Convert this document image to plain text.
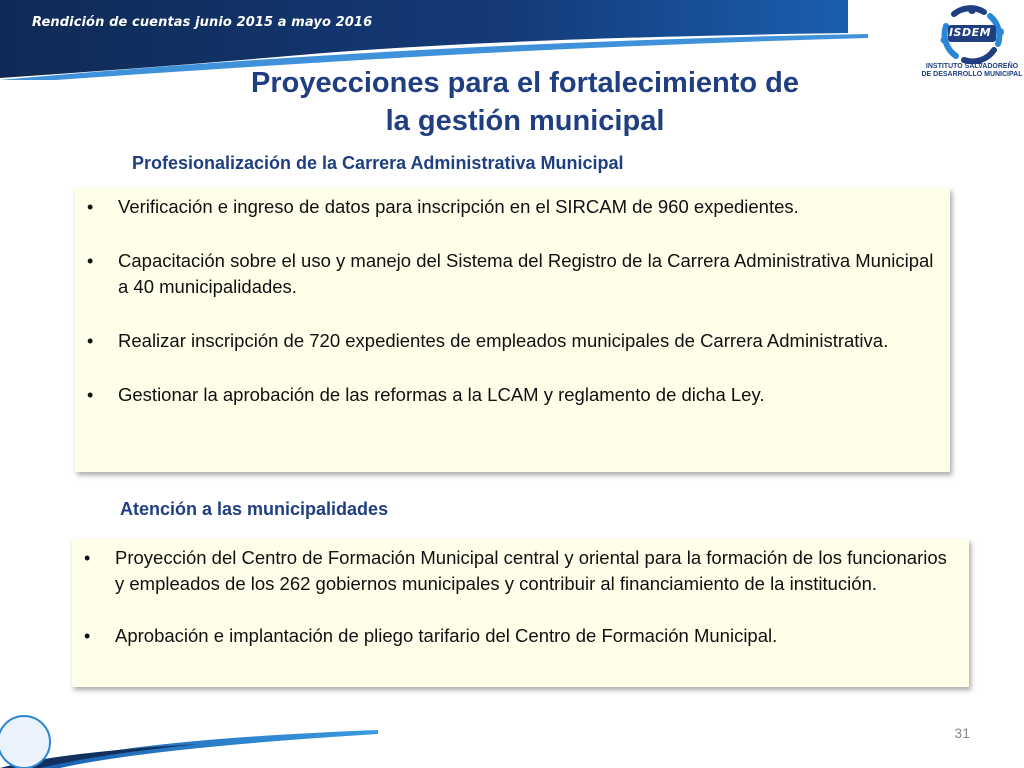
Rendición de cuentas junio 2015 a mayo 2016
ISDEM
INSTITUTO SALVADOREÑO
DE DESARROLLO MUNICIPAL
Proyecciones para el fortalecimiento de
la gestión municipal
Profesionalización de la Carrera Administrativa Municipal
• Verificación e ingreso de datos para inscripción en el SIRCAM de 960 expedientes.
• Capacitación sobre el uso y manejo del Sistema del Registro de la Carrera Administrativa Municipal a 40 municipalidades.
• Realizar inscripción de 720 expedientes de empleados municipales de Carrera Administrativa.
• Gestionar la aprobación de las reformas a la LCAM y reglamento de dicha Ley.
Atención a las municipalidades
• Proyección del Centro de Formación Municipal central y oriental para la formación de los funcionarios y empleados de los 262 gobiernos municipales y contribuir al financiamiento de la institución.
• Aprobación e implantación de pliego tarifario del Centro de Formación Municipal.
31
